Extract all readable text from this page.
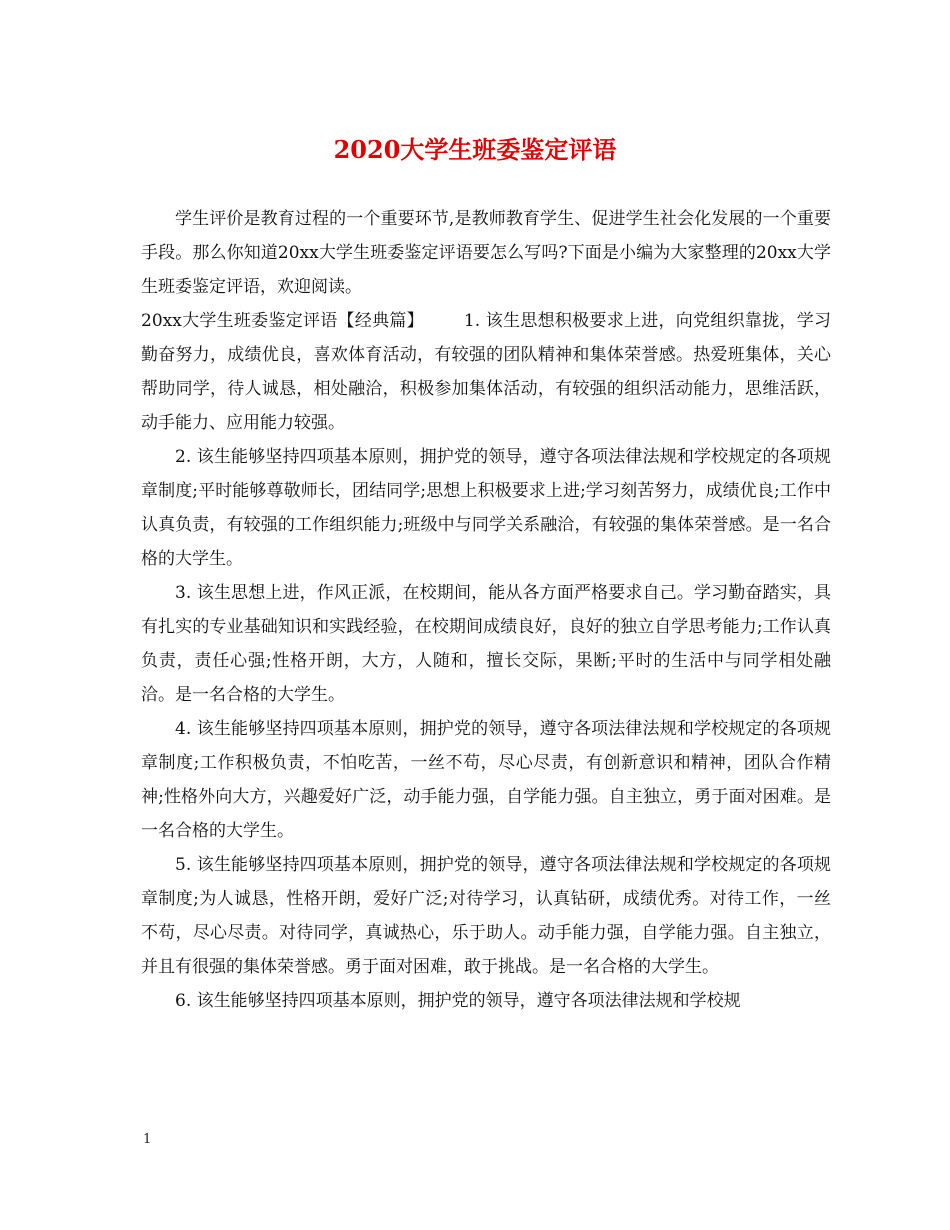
2020大学生班委鉴定评语

学生评价是教育过程的一个重要环节,是教师教育学生、促进学生社会化发展的一个重要手段。那么你知道20xx大学生班委鉴定评语要怎么写吗?下面是小编为大家整理的20xx大学生班委鉴定评语，欢迎阅读。

20xx大学生班委鉴定评语【经典篇】 1. 该生思想积极要求上进，向党组织靠拢，学习勤奋努力，成绩优良，喜欢体育活动，有较强的团队精神和集体荣誉感。热爱班集体，关心帮助同学，待人诚恳，相处融洽，积极参加集体活动，有较强的组织活动能力，思维活跃，动手能力、应用能力较强。

2. 该生能够坚持四项基本原则，拥护党的领导，遵守各项法律法规和学校规定的各项规章制度;平时能够尊敬师长，团结同学;思想上积极要求上进;学习刻苦努力，成绩优良;工作中认真负责，有较强的工作组织能力;班级中与同学关系融洽，有较强的集体荣誉感。是一名合格的大学生。

3. 该生思想上进，作风正派，在校期间，能从各方面严格要求自己。学习勤奋踏实，具有扎实的专业基础知识和实践经验，在校期间成绩良好，良好的独立自学思考能力;工作认真负责，责任心强;性格开朗，大方，人随和，擅长交际，果断;平时的生活中与同学相处融洽。是一名合格的大学生。

4. 该生能够坚持四项基本原则，拥护党的领导，遵守各项法律法规和学校规定的各项规章制度;工作积极负责，不怕吃苦，一丝不苟，尽心尽责，有创新意识和精神，团队合作精神;性格外向大方，兴趣爱好广泛，动手能力强，自学能力强。自主独立，勇于面对困难。是一名合格的大学生。

5. 该生能够坚持四项基本原则，拥护党的领导，遵守各项法律法规和学校规定的各项规章制度;为人诚恳，性格开朗，爱好广泛;对待学习，认真钻研，成绩优秀。对待工作，一丝不苟，尽心尽责。对待同学，真诚热心，乐于助人。动手能力强，自学能力强。自主独立，并且有很强的集体荣誉感。勇于面对困难，敢于挑战。是一名合格的大学生。

6. 该生能够坚持四项基本原则，拥护党的领导，遵守各项法律法规和学校规

1
